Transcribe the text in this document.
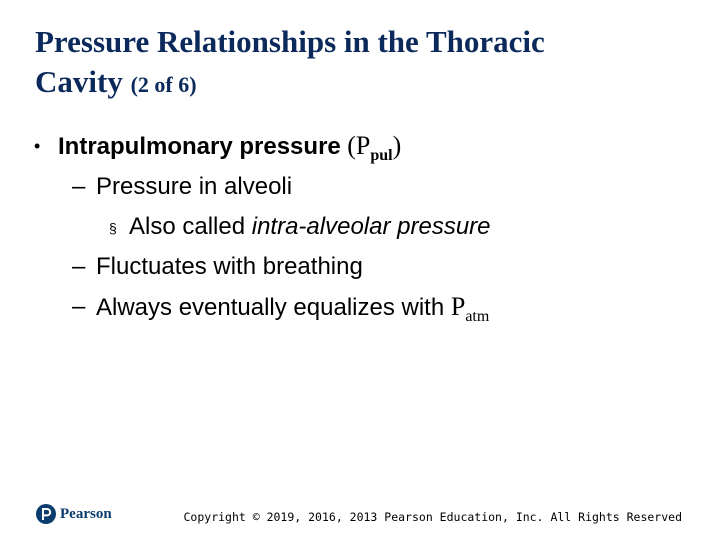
Pressure Relationships in the Thoracic
Cavity (2 of 6)
• Intrapulmonary pressure $(P_{pul})$
– Pressure in alveoli
§ Also called intra-alveolar pressure
– Fluctuates with breathing
– Always eventually equalizes with $P_{atm}$
Pearson	Copyright © 2019, 2016, 2013 Pearson Education, Inc. All Rights Reserved
